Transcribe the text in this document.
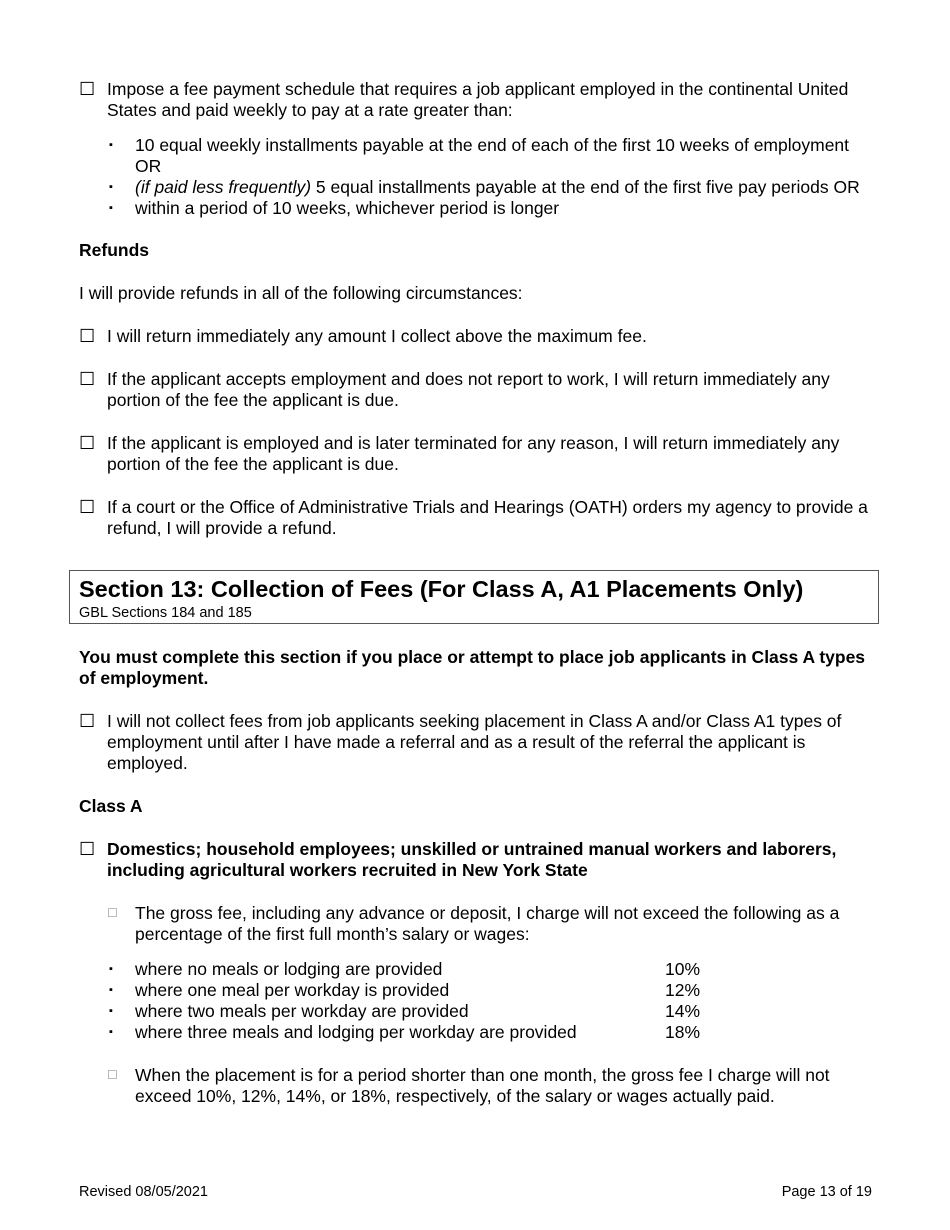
☐ Impose a fee payment schedule that requires a job applicant employed in the continental United States and paid weekly to pay at a rate greater than:
▪
10 equal weekly installments payable at the end of each of the first 10 weeks of employment OR
▪
(if paid less frequently) 5 equal installments payable at the end of the first five pay periods OR
▪
within a period of 10 weeks, whichever period is longer
Refunds
I will provide refunds in all of the following circumstances:
☐ I will return immediately any amount I collect above the maximum fee.
☐ If the applicant accepts employment and does not report to work, I will return immediately any portion of the fee the applicant is due.
☐ If the applicant is employed and is later terminated for any reason, I will return immediately any portion of the fee the applicant is due.
☐ If a court or the Office of Administrative Trials and Hearings (OATH) orders my agency to provide a refund, I will provide a refund.
Section 13: Collection of Fees (For Class A, A1 Placements Only)
GBL Sections 184 and 185
You must complete this section if you place or attempt to place job applicants in Class A types of employment.
☐ I will not collect fees from job applicants seeking placement in Class A and/or Class A1 types of employment until after I have made a referral and as a result of the referral the applicant is employed.
Class A
☐ Domestics; household employees; unskilled or untrained manual workers and laborers, including agricultural workers recruited in New York State
☐ The gross fee, including any advance or deposit, I charge will not exceed the following as a percentage of the first full month’s salary or wages:
▪
where no meals or lodging are provided	10%
▪
where one meal per workday is provided	12%
▪
where two meals per workday are provided	14%
▪
where three meals and lodging per workday are provided	18%
☐ When the placement is for a period shorter than one month, the gross fee I charge will not exceed 10%, 12%, 14%, or 18%, respectively, of the salary or wages actually paid.
Revised 08/05/2021	Page 13 of 19
